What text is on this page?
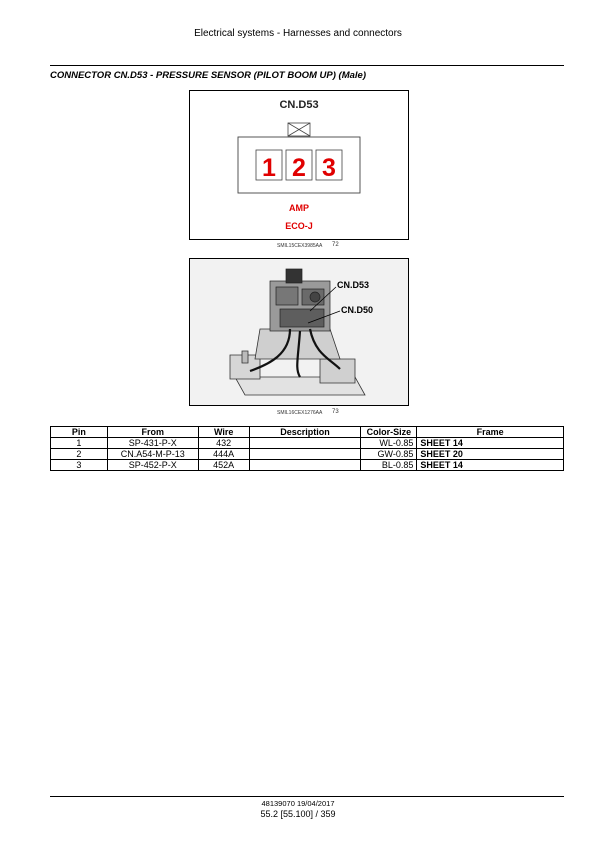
Electrical systems - Harnesses and connectors
CONNECTOR CN.D53 - PRESSURE SENSOR (PILOT BOOM UP) (Male)
CN.D53
1 2 3
AMP
ECO-J
SMIL15CEX3985AA 72
CN.D53
CN.D50
SMIL16CEX1276AA 73
Pin	From	Wire	Description	Color-Size	Frame
1	SP-431-P-X	432		WL-0.85	SHEET 14
2	CN.A54-M-P-13	444A		GW-0.85	SHEET 20
3	SP-452-P-X	452A		BL-0.85	SHEET 14
48139070 19/04/2017
55.2 [55.100] / 359
